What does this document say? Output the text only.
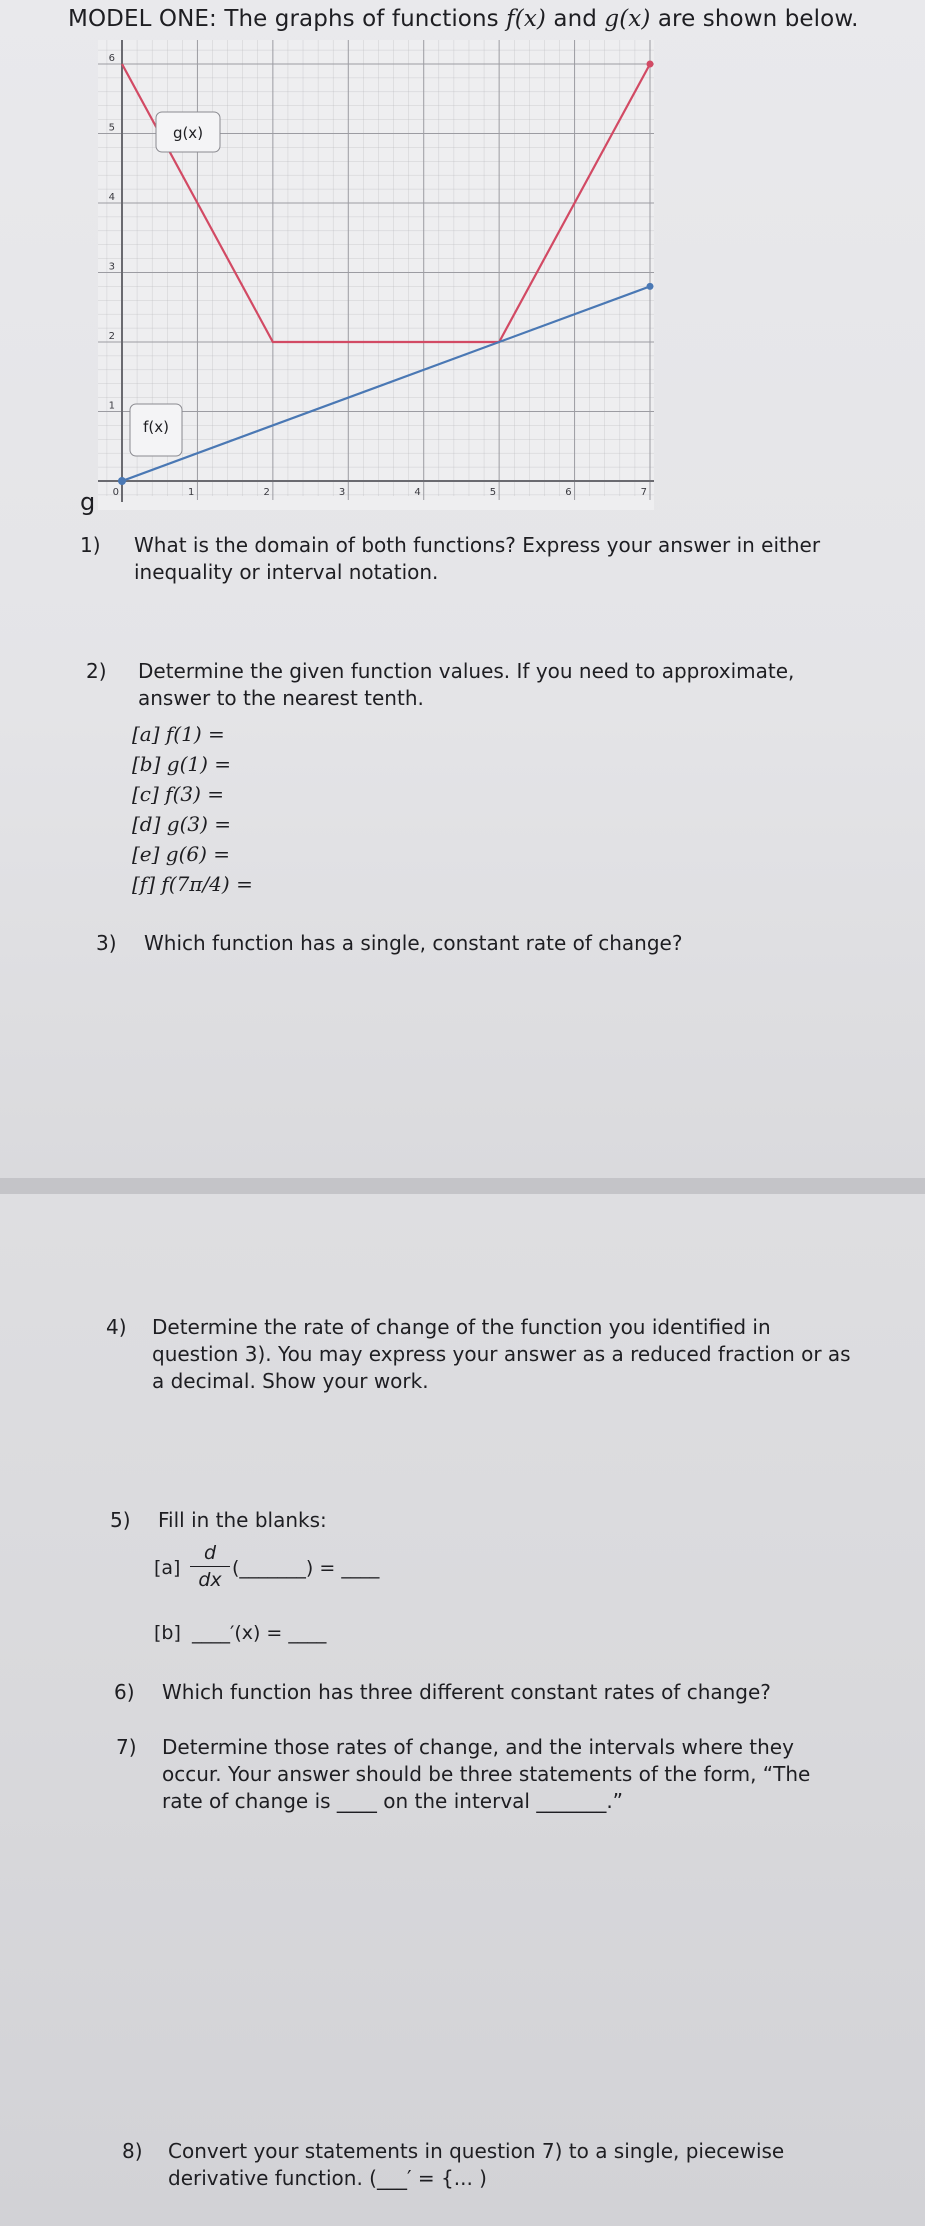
MODEL ONE: The graphs of functions f(x) and g(x) are shown below.
0	1	2	3	4	5	6	7
1
2
3
4
5
6
g(x)
f(x)
g
1) What is the domain of both functions? Express your answer in either
inequality or interval notation.
2) Determine the given function values. If you need to approximate,
answer to the nearest tenth.
[a] f(1) =
[b] g(1) =
[c] f(3) =
[d] g(3) =
[e] g(6) =
[f] f(7π/4) =
3) Which function has a single, constant rate of change?
4) Determine the rate of change of the function you identified in
question 3). You may express your answer as a reduced fraction or as
a decimal. Show your work.
5) Fill in the blanks:
$[a] \frac{d}{dx}$ (_______) = ____
[b] ____′(x) = ____
6) Which function has three different constant rates of change?
7) Determine those rates of change, and the intervals where they
occur. Your answer should be three statements of the form, “The
rate of change is ____ on the interval _______.”
8) Convert your statements in question 7) to a single, piecewise
derivative function. (___′ = {... )
